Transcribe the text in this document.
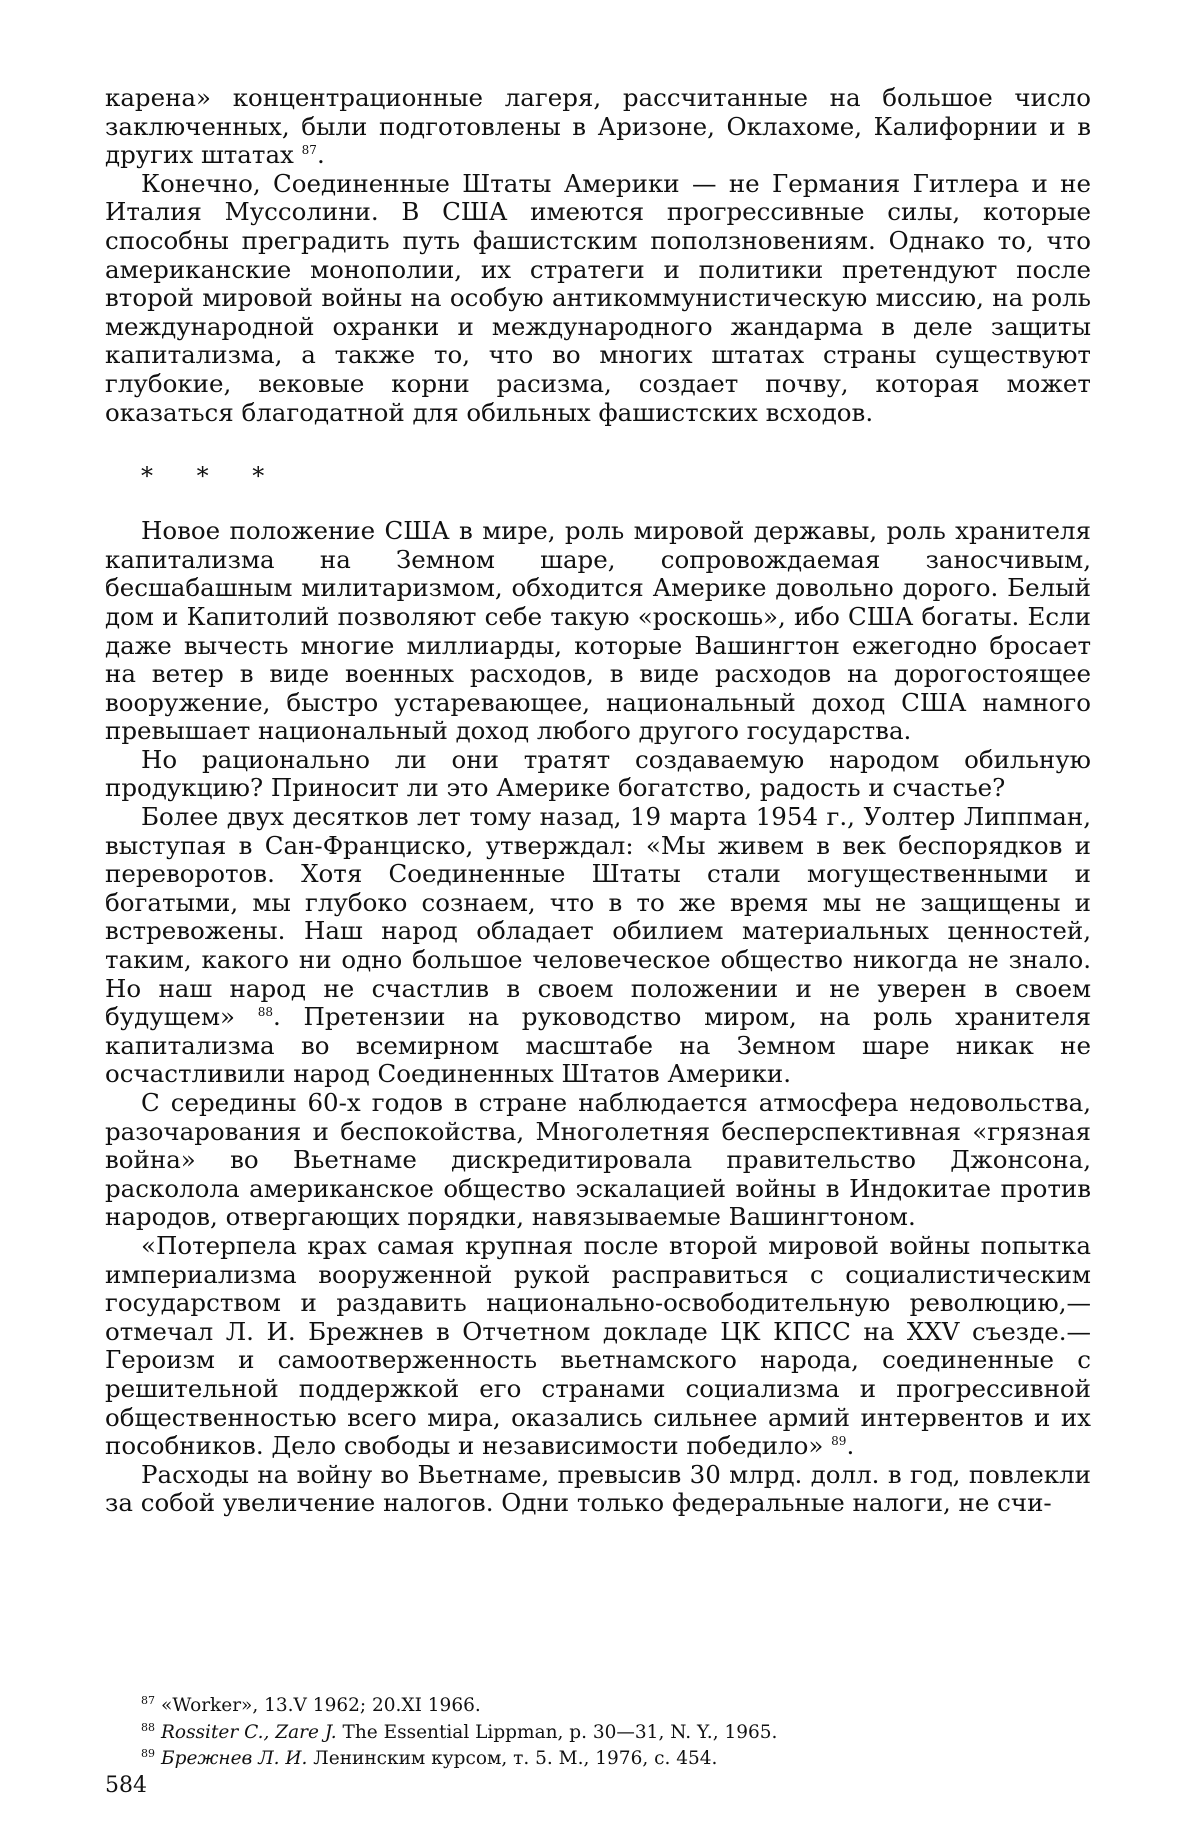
карена» концентрационные лагеря, рассчитанные на большое число заключенных, были подготовлены в Аризоне, Оклахоме, Калифорнии и в других штатах $^{87}$.

Конечно, Соединенные Штаты Америки — не Германия Гитлера и не Италия Муссолини. В США имеются прогрессивные силы, которые способны преградить путь фашистским поползновениям. Однако то, что американские монополии, их стратеги и политики претендуют после второй мировой войны на особую антикоммунистическую миссию, на роль международной охранки и международного жандарма в деле защиты капитализма, а также то, что во многих штатах страны существуют глубокие, вековые корни расизма, создает почву, которая может оказаться благодатной для обильных фашистских всходов.

* * *

Новое положение США в мире, роль мировой державы, роль хранителя капитализма на Земном шаре, сопровождаемая заносчивым, бесшабашным милитаризмом, обходится Америке довольно дорого. Белый дом и Капитолий позволяют себе такую «роскошь», ибо США богаты. Если даже вычесть многие миллиарды, которые Вашингтон ежегодно бросает на ветер в виде военных расходов, в виде расходов на дорогостоящее вооружение, быстро устаревающее, национальный доход США намного превышает национальный доход любого другого государства.

Но рационально ли они тратят создаваемую народом обильную продукцию? Приносит ли это Америке богатство, радость и счастье?

Более двух десятков лет тому назад, 19 марта 1954 г., Уолтер Липпман, выступая в Сан-Франциско, утверждал: «Мы живем в век беспорядков и переворотов. Хотя Соединенные Штаты стали могущественными и богатыми, мы глубоко сознаем, что в то же время мы не защищены и встревожены. Наш народ обладает обилием материальных ценностей, таким, какого ни одно большое человеческое общество никогда не знало. Но наш народ не счастлив в своем положении и не уверен в своем будущем» $^{88}$. Претензии на руководство миром, на роль хранителя капитализма во всемирном масштабе на Земном шаре никак не осчастливили народ Соединенных Штатов Америки.

С середины 60-х годов в стране наблюдается атмосфера недовольства, разочарования и беспокойства, Многолетняя бесперспективная «грязная война» во Вьетнаме дискредитировала правительство Джонсона, расколола американское общество эскалацией войны в Индокитае против народов, отвергающих порядки, навязываемые Вашингтоном.

«Потерпела крах самая крупная после второй мировой войны попытка империализма вооруженной рукой расправиться с социалистическим государством и раздавить национально-освободительную революцию,— отмечал Л. И. Брежнев в Отчетном докладе ЦК КПСС на XXV съезде.— Героизм и самоотверженность вьетнамского народа, соединенные с решительной поддержкой его странами социализма и прогрессивной общественностью всего мира, оказались сильнее армий интервентов и их пособников. Дело свободы и независимости победило» $^{89}$.

Расходы на войну во Вьетнаме, превысив 30 млрд. долл. в год, повлекли за собой увеличение налогов. Одни только федеральные налоги, не счи-

$^{87}$ «Worker», 13.V 1962; 20.XI 1966.

$^{88}$ Rossiter C., Zare J. The Essential Lippman, p. 30—31, N. Y., 1965.

$^{89}$ Брежнев Л. И. Ленинским курсом, т. 5. М., 1976, с. 454.

584
